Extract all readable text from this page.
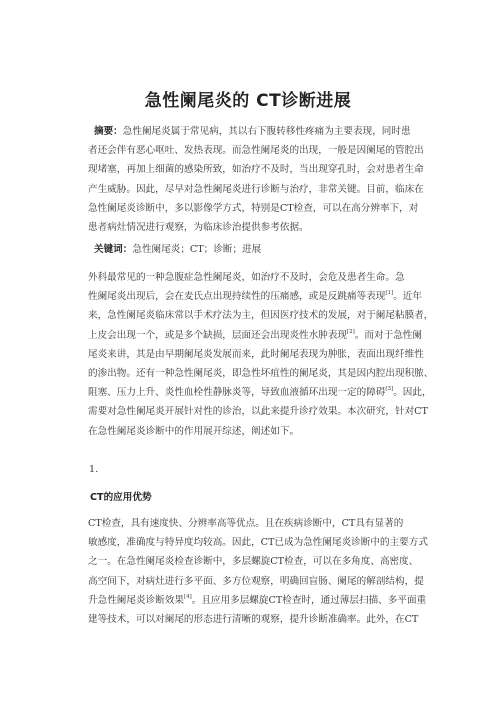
急性阑尾炎的 CT诊断进展
摘要：急性阑尾炎属于常见病，其以右下腹转移性疼痛为主要表现，同时患
者还会伴有恶心呕吐、发热表现。而急性阑尾炎的出现，一般是因阑尾的管腔出
现堵塞，再加上细菌的感染所致，如治疗不及时，当出现穿孔时，会对患者生命
产生威胁。因此，尽早对急性阑尾炎进行诊断与治疗，非常关键。目前，临床在
急性阑尾炎诊断中，多以影像学方式，特别是CT检查，可以在高分辨率下，对
患者病灶情况进行观察，为临床诊治提供参考依据。
关键词：急性阑尾炎；CT；诊断；进展
外科最常见的一种急腹症急性阑尾炎，如治疗不及时，会危及患者生命。急
性阑尾炎出现后，会在麦氏点出现持续性的压痛感，或是反跳痛等表现[1]。近年
来，急性阑尾炎临床常以手术疗法为主，但因医疗技术的发展，对于阑尾粘膜者，
上皮会出现一个，或是多个缺损，层面还会出现炎性水肿表现[2]。而对于急性阑
尾炎来讲，其是由早期阑尾炎发展而来，此时阑尾表现为肿胀，表面出现纤维性
的渗出物。还有一种急性阑尾炎，即急性坏疽性的阑尾炎，其是因内腔出现积脓、
阻塞、压力上升、炎性血栓性静脉炎等，导致血液循环出现一定的障碍[3]。因此，
需要对急性阑尾炎开展针对性的诊治，以此来提升诊疗效果。本次研究，针对CT
在急性阑尾炎诊断中的作用展开综述，阐述如下。
1.
CT的应用优势
CT检查，具有速度快、分辨率高等优点。且在疾病诊断中，CT具有显著的
敏感度，准确度与特异度均较高。因此，CT已成为急性阑尾炎诊断中的主要方式
之一。在急性阑尾炎检查诊断中，多层螺旋CT检查，可以在多角度、高密度、
高空间下，对病灶进行多平面、多方位观察，明确回盲肠、阑尾的解剖结构，提
升急性阑尾炎诊断效果[4]。且应用多层螺旋CT检查时，通过薄层扫描、多平面重
建等技术，可以对阑尾的形态进行清晰的观察，提升诊断准确率。此外，在CT
